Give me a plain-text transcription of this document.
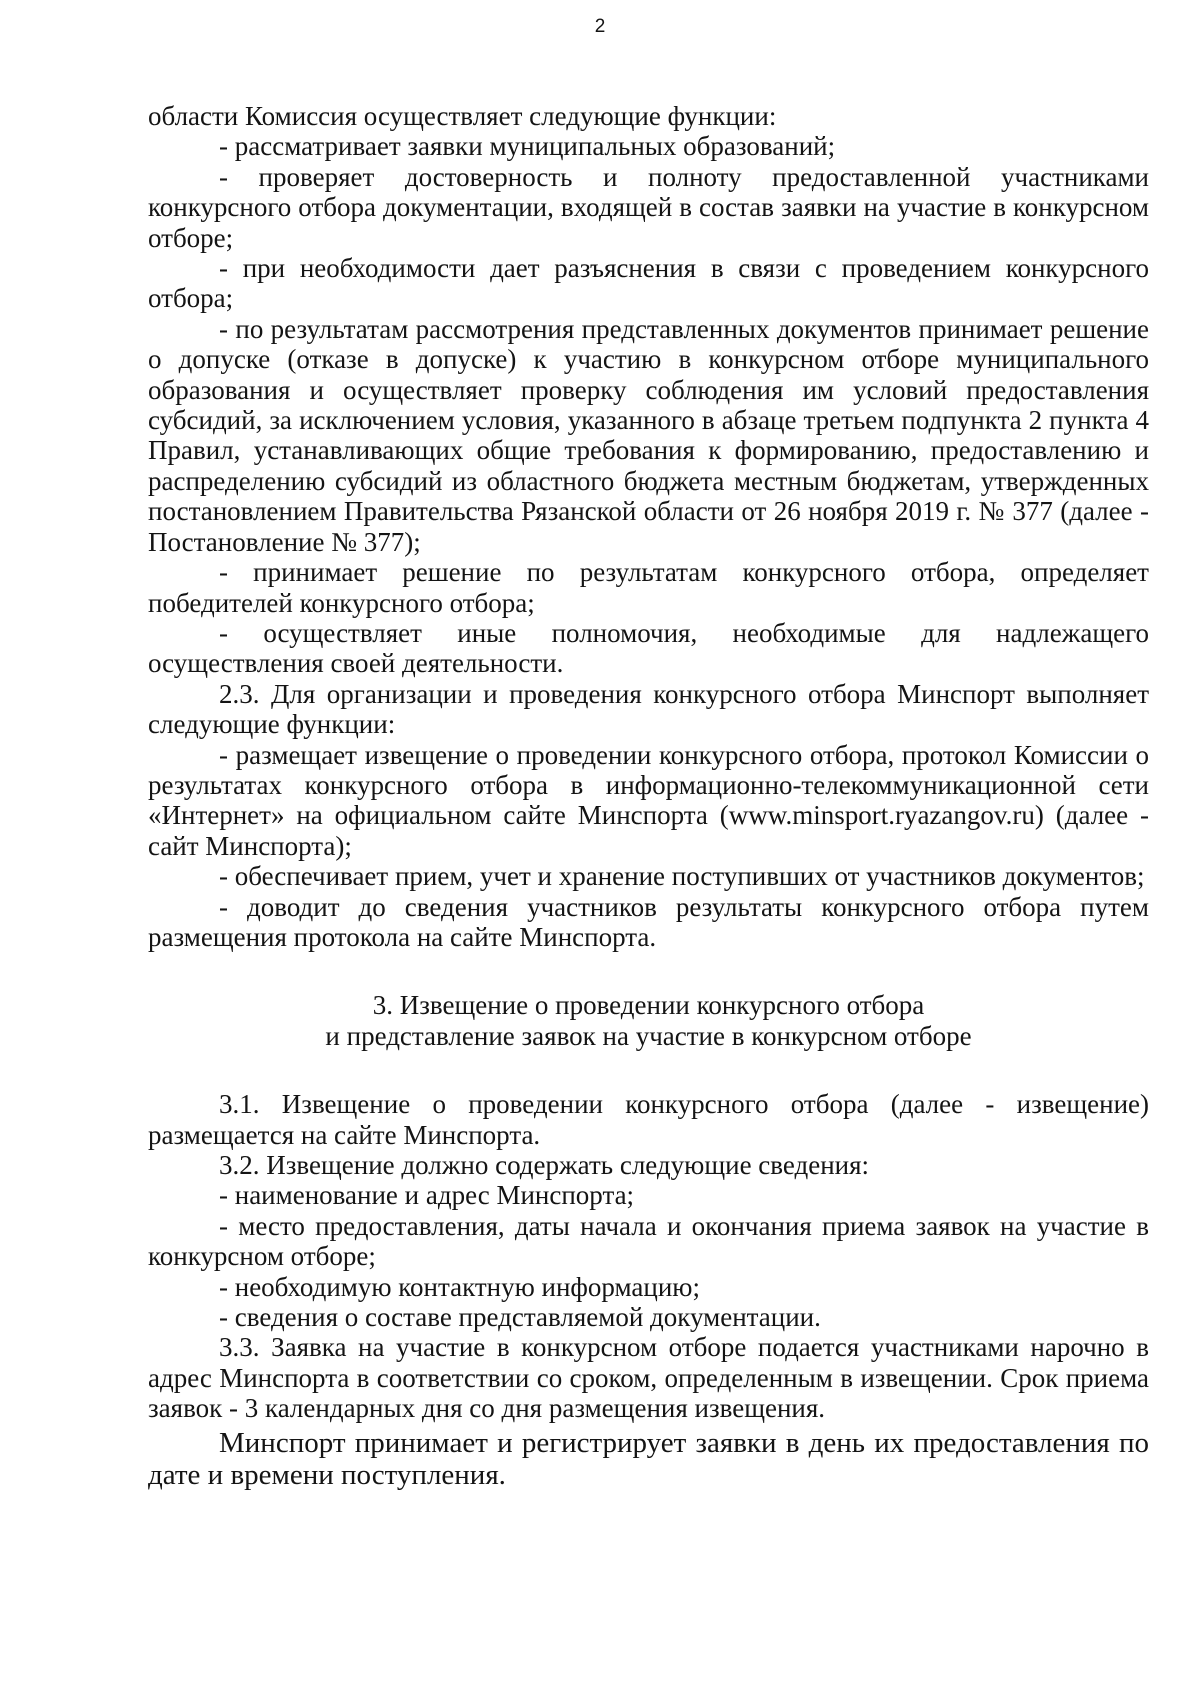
2

области Комиссия осуществляет следующие функции:

- рассматривает заявки муниципальных образований;

- проверяет достоверность и полноту предоставленной участниками конкурсного отбора документации, входящей в состав заявки на участие в конкурсном отборе;

- при необходимости дает разъяснения в связи с проведением конкурсного отбора;

- по результатам рассмотрения представленных документов принимает решение о допуске (отказе в допуске) к участию в конкурсном отборе муниципального образования и осуществляет проверку соблюдения им условий предоставления субсидий, за исключением условия, указанного в абзаце третьем подпункта 2 пункта 4 Правил, устанавливающих общие требования к формированию, предоставлению и распределению субсидий из областного бюджета местным бюджетам, утвержденных постановлением Правительства Рязанской области от 26 ноября 2019 г. № 377 (далее - Постановление № 377);

- принимает решение по результатам конкурсного отбора, определяет победителей конкурсного отбора;

- осуществляет иные полномочия, необходимые для надлежащего осуществления своей деятельности.

2.3. Для организации и проведения конкурсного отбора Минспорт выполняет следующие функции:

- размещает извещение о проведении конкурсного отбора, протокол Комиссии о результатах конкурсного отбора в информационно-телекоммуникационной сети «Интернет» на официальном сайте Минспорта (www.minsport.ryazangov.ru) (далее - сайт Минспорта);

- обеспечивает прием, учет и хранение поступивших от участников документов;

- доводит до сведения участников результаты конкурсного отбора путем размещения протокола на сайте Минспорта.

3. Извещение о проведении конкурсного отбора
и представление заявок на участие в конкурсном отборе

3.1. Извещение о проведении конкурсного отбора (далее - извещение) размещается на сайте Минспорта.

3.2. Извещение должно содержать следующие сведения:

- наименование и адрес Минспорта;

- место предоставления, даты начала и окончания приема заявок на участие в конкурсном отборе;

- необходимую контактную информацию;

- сведения о составе представляемой документации.

3.3. Заявка на участие в конкурсном отборе подается участниками нарочно в адрес Минспорта в соответствии со сроком, определенным в извещении. Срок приема заявок - 3 календарных дня со дня размещения извещения.

Минспорт принимает и регистрирует заявки в день их предоставления по дате и времени поступления.
